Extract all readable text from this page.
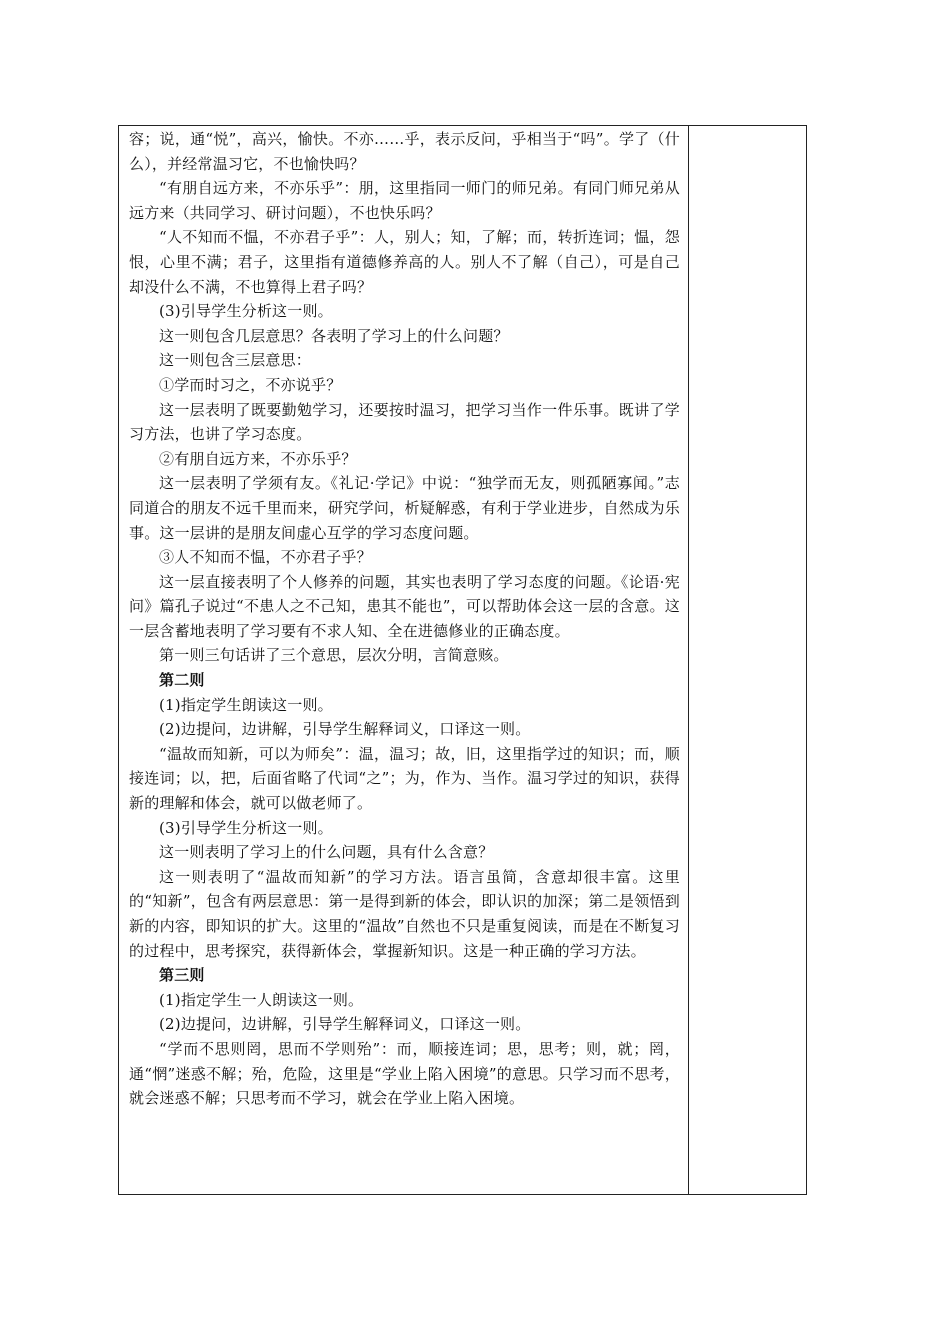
容；说，通“悦”，高兴，愉快。不亦……乎，表示反问，乎相当于“吗”。学了（什么），并经常温习它，不也愉快吗？

“有朋自远方来，不亦乐乎”：朋，这里指同一师门的师兄弟。有同门师兄弟从远方来（共同学习、研讨问题），不也快乐吗？

“人不知而不愠，不亦君子乎”：人，别人；知，了解；而，转折连词；愠，怨恨，心里不满；君子，这里指有道德修养高的人。别人不了解（自己），可是自己却没什么不满，不也算得上君子吗？

(3)引导学生分析这一则。

这一则包含几层意思？各表明了学习上的什么问题？

这一则包含三层意思：

①学而时习之，不亦说乎？

这一层表明了既要勤勉学习，还要按时温习，把学习当作一件乐事。既讲了学习方法，也讲了学习态度。

②有朋自远方来，不亦乐乎？

这一层表明了学须有友。《礼记·学记》中说：“独学而无友，则孤陋寡闻。”志同道合的朋友不远千里而来，研究学问，析疑解惑，有利于学业进步，自然成为乐事。这一层讲的是朋友间虚心互学的学习态度问题。

③人不知而不愠，不亦君子乎？

这一层直接表明了个人修养的问题，其实也表明了学习态度的问题。《论语·宪问》篇孔子说过“不患人之不己知，患其不能也”，可以帮助体会这一层的含意。这一层含蓄地表明了学习要有不求人知、全在进德修业的正确态度。

第一则三句话讲了三个意思，层次分明，言简意赅。

第二则

(1)指定学生朗读这一则。

(2)边提问，边讲解，引导学生解释词义，口译这一则。

“温故而知新，可以为师矣”：温，温习；故，旧，这里指学过的知识；而，顺接连词；以，把，后面省略了代词“之”；为，作为、当作。温习学过的知识，获得新的理解和体会，就可以做老师了。

(3)引导学生分析这一则。

这一则表明了学习上的什么问题，具有什么含意？

这一则表明了“温故而知新”的学习方法。语言虽简，含意却很丰富。这里的“知新”，包含有两层意思：第一是得到新的体会，即认识的加深；第二是领悟到新的内容，即知识的扩大。这里的“温故”自然也不只是重复阅读，而是在不断复习的过程中，思考探究，获得新体会，掌握新知识。这是一种正确的学习方法。

第三则

(1)指定学生一人朗读这一则。

(2)边提问，边讲解，引导学生解释词义，口译这一则。

“学而不思则罔，思而不学则殆”：而，顺接连词；思，思考；则，就；罔，通“惘”迷惑不解；殆，危险，这里是“学业上陷入困境”的意思。只学习而不思考，就会迷惑不解；只思考而不学习，就会在学业上陷入困境。
